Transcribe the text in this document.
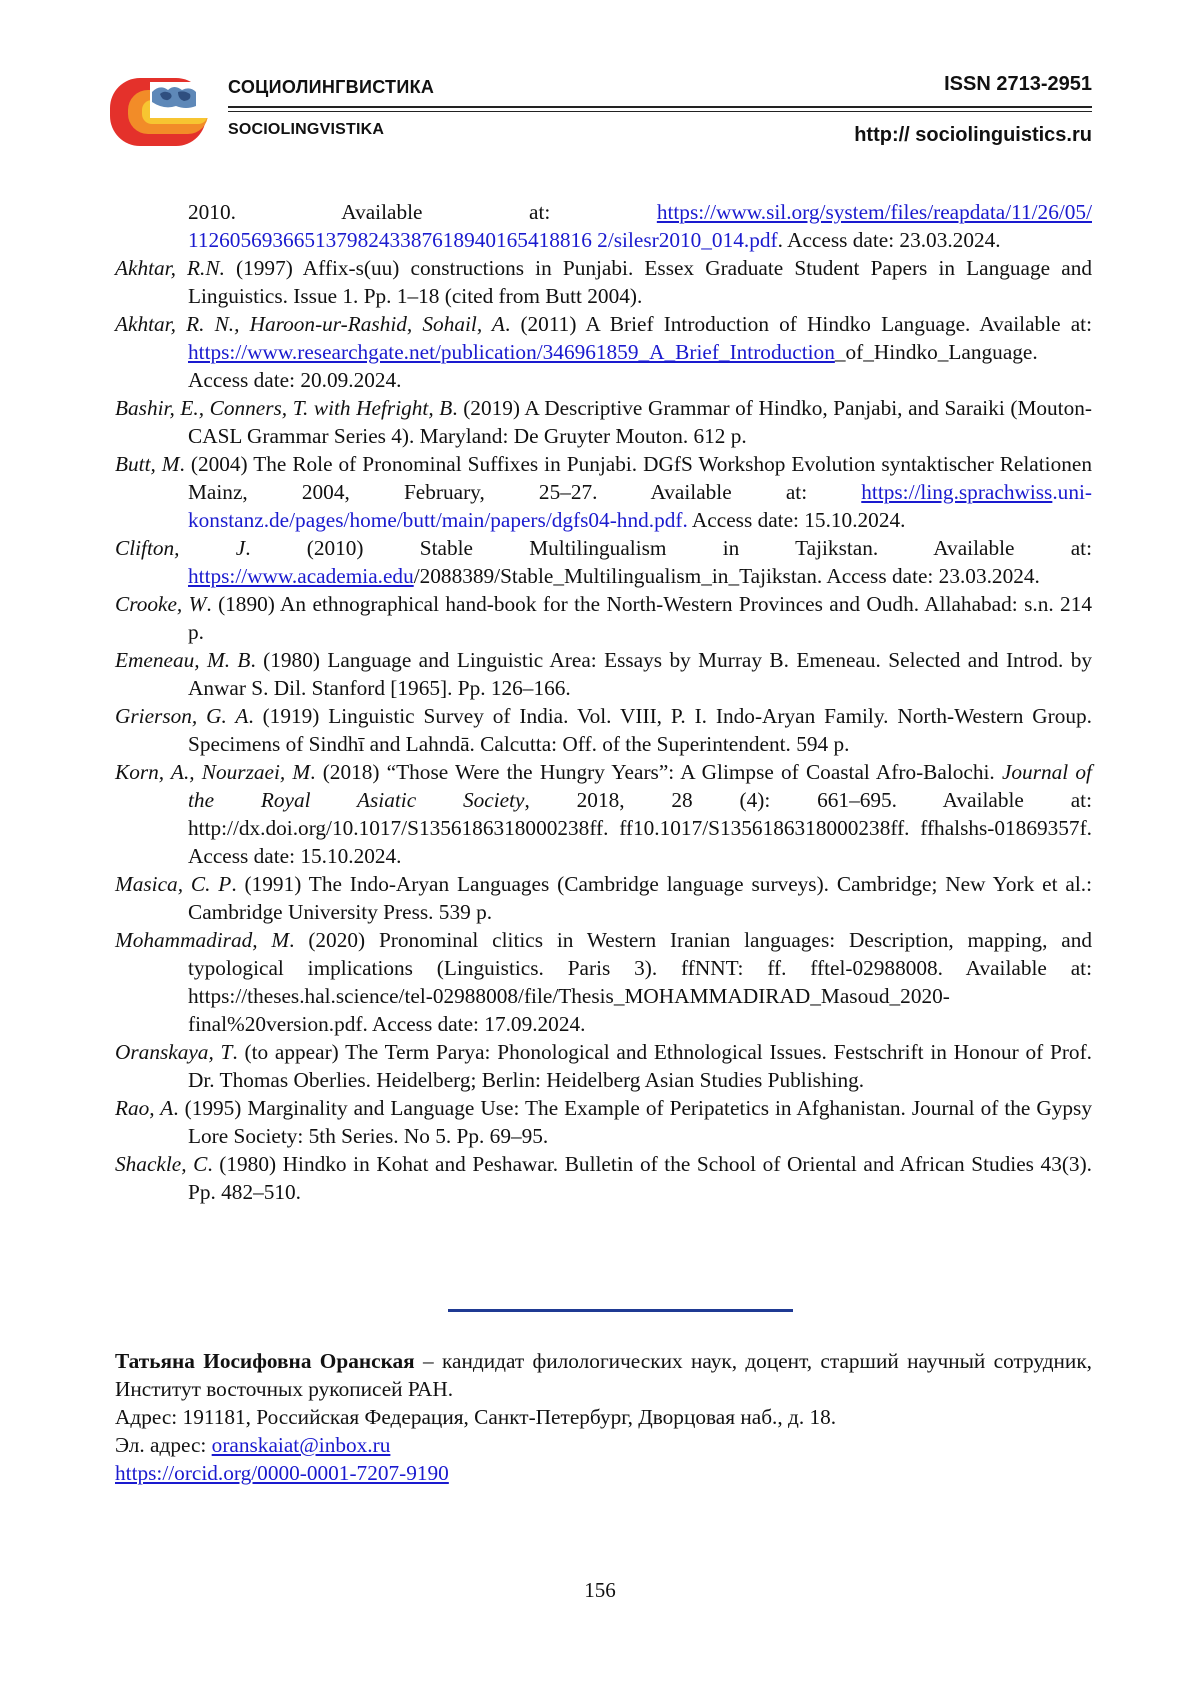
СОЦИОЛИНГВИСТИКА
SOCIOLINGVISTIKA
ISSN 2713-2951
http:// sociolinguistics.ru

2010. Available at: https://www.sil.org/system/files/reapdata/11/26/05/ 11260569366513798243387618940165418816 2/silesr2010_014.pdf. Access date: 23.03.2024.

Akhtar, R.N. (1997) Affix-s(uu) constructions in Punjabi. Essex Graduate Student Papers in Language and Linguistics. Issue 1. Pp. 1–18 (cited from Butt 2004).

Akhtar, R. N., Haroon-ur-Rashid, Sohail, A. (2011) A Brief Introduction of Hindko Language. Available at: https://www.researchgate.net/publication/346961859_A_Brief_Introduction_of_Hindko_Language. Access date: 20.09.2024.

Bashir, E., Conners, T. with Hefright, B. (2019) A Descriptive Grammar of Hindko, Panjabi, and Saraiki (Mouton-CASL Grammar Series 4). Maryland: De Gruyter Mouton. 612 p.

Butt, M. (2004) The Role of Pronominal Suffixes in Punjabi. DGfS Workshop Evolution syntaktischer Relationen Mainz, 2004, February, 25–27. Available at: https://ling.sprachwiss.uni-konstanz.de/pages/home/butt/main/papers/dgfs04-hnd.pdf. Access date: 15.10.2024.

Clifton, J. (2010) Stable Multilingualism in Tajikstan. Available at: https://www.academia.edu/2088389/Stable_Multilingualism_in_Tajikstan. Access date: 23.03.2024.

Crooke, W. (1890) An ethnographical hand-book for the North-Western Provinces and Oudh. Allahabad: s.n. 214 p.

Emeneau, M. B. (1980) Language and Linguistic Area: Essays by Murray B. Emeneau. Selected and Introd. by Anwar S. Dil. Stanford [1965]. Pp. 126–166.

Grierson, G. A. (1919) Linguistic Survey of India. Vol. VIII, P. I. Indo-Aryan Family. North-Western Group. Specimens of Sindhī and Lahndā. Calcutta: Off. of the Superintendent. 594 p.

Korn, A., Nourzaei, M. (2018) “Those Were the Hungry Years”: A Glimpse of Coastal Afro-Balochi. Journal of the Royal Asiatic Society, 2018, 28 (4): 661–695. Available at: http://dx.doi.org/10.1017/S1356186318000238ff. ff10.1017/S1356186318000238ff. ffhalshs-01869357f. Access date: 15.10.2024.

Masica, C. P. (1991) The Indo-Aryan Languages (Cambridge language surveys). Cambridge; New York et al.: Cambridge University Press. 539 p.

Mohammadirad, M. (2020) Pronominal clitics in Western Iranian languages: Description, mapping, and typological implications (Linguistics. Paris 3). ffNNT: ff. fftel-02988008. Available at: https://theses.hal.science/tel-02988008/file/Thesis_MOHAMMADIRAD_Masoud_2020-final%20version.pdf. Access date: 17.09.2024.

Oranskaya, T. (to appear) The Term Parya: Phonological and Ethnological Issues. Festschrift in Honour of Prof. Dr. Thomas Oberlies. Heidelberg; Berlin: Heidelberg Asian Studies Publishing.

Rao, A. (1995) Marginality and Language Use: The Example of Peripatetics in Afghanistan. Journal of the Gypsy Lore Society: 5th Series. No 5. Pp. 69–95.

Shackle, C. (1980) Hindko in Kohat and Peshawar. Bulletin of the School of Oriental and African Studies 43(3). Pp. 482–510.

Татьяна Иосифовна Оранская – кандидат филологических наук, доцент, старший научный сотрудник, Институт восточных рукописей РАН.

Адрес: 191181, Российская Федерация, Санкт-Петербург, Дворцовая наб., д. 18.

Эл. адрес: oranskaiat@inbox.ru

https://orcid.org/0000-0001-7207-9190

156
